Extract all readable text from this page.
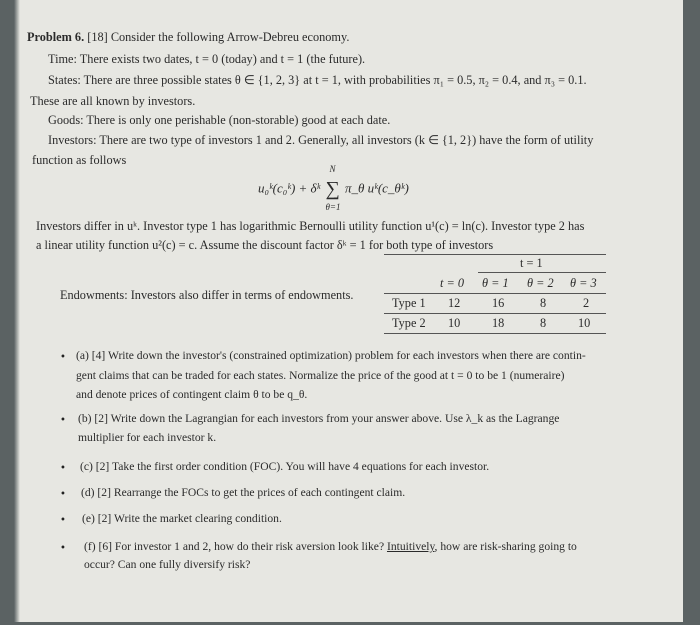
Problem 6. [18] Consider the following Arrow-Debreu economy.
Time: There exists two dates, t = 0 (today) and t = 1 (the future).
States: There are three possible states θ ∈ {1, 2, 3} at t = 1, with probabilities π₁ = 0.5, π₂ = 0.4, and π₃ = 0.1.
These are all known by investors.
Goods: There is only one perishable (non-storable) good at each date.
Investors: There are two type of investors 1 and 2. Generally, all investors (k ∈ {1, 2}) have the form of utility
function as follows
u₀ᵏ(c₀ᵏ) + δᵏ ∑
N
θ=1
π_θ uᵏ(c_θᵏ)
Investors differ in uᵏ. Investor type 1 has logarithmic Bernoulli utility function u¹(c) = ln(c). Investor type 2 has
a linear utility function u²(c) = c. Assume the discount factor δᵏ = 1 for both type of investors
Endowments: Investors also differ in terms of endowments.
t = 1
t = 0 θ = 1 θ = 2 θ = 3
Type 1 12	16	8	2
Type 2 10	18	8	10
• (a) [4] Write down the investor's (constrained optimization) problem for each investors when there are contin-
gent claims that can be traded for each states. Normalize the price of the good at t = 0 to be 1 (numeraire)
and denote prices of contingent claim θ to be q_θ.
• (b) [2] Write down the Lagrangian for each investors from your answer above. Use λ_k as the Lagrange
multiplier for each investor k.
• (c) [2] Take the first order condition (FOC). You will have 4 equations for each investor.
• (d) [2] Rearrange the FOCs to get the prices of each contingent claim.
• (e) [2] Write the market clearing condition.
• (f) [6] For investor 1 and 2, how do their risk aversion look like? Intuitively, how are risk-sharing going to
occur? Can one fully diversify risk?
